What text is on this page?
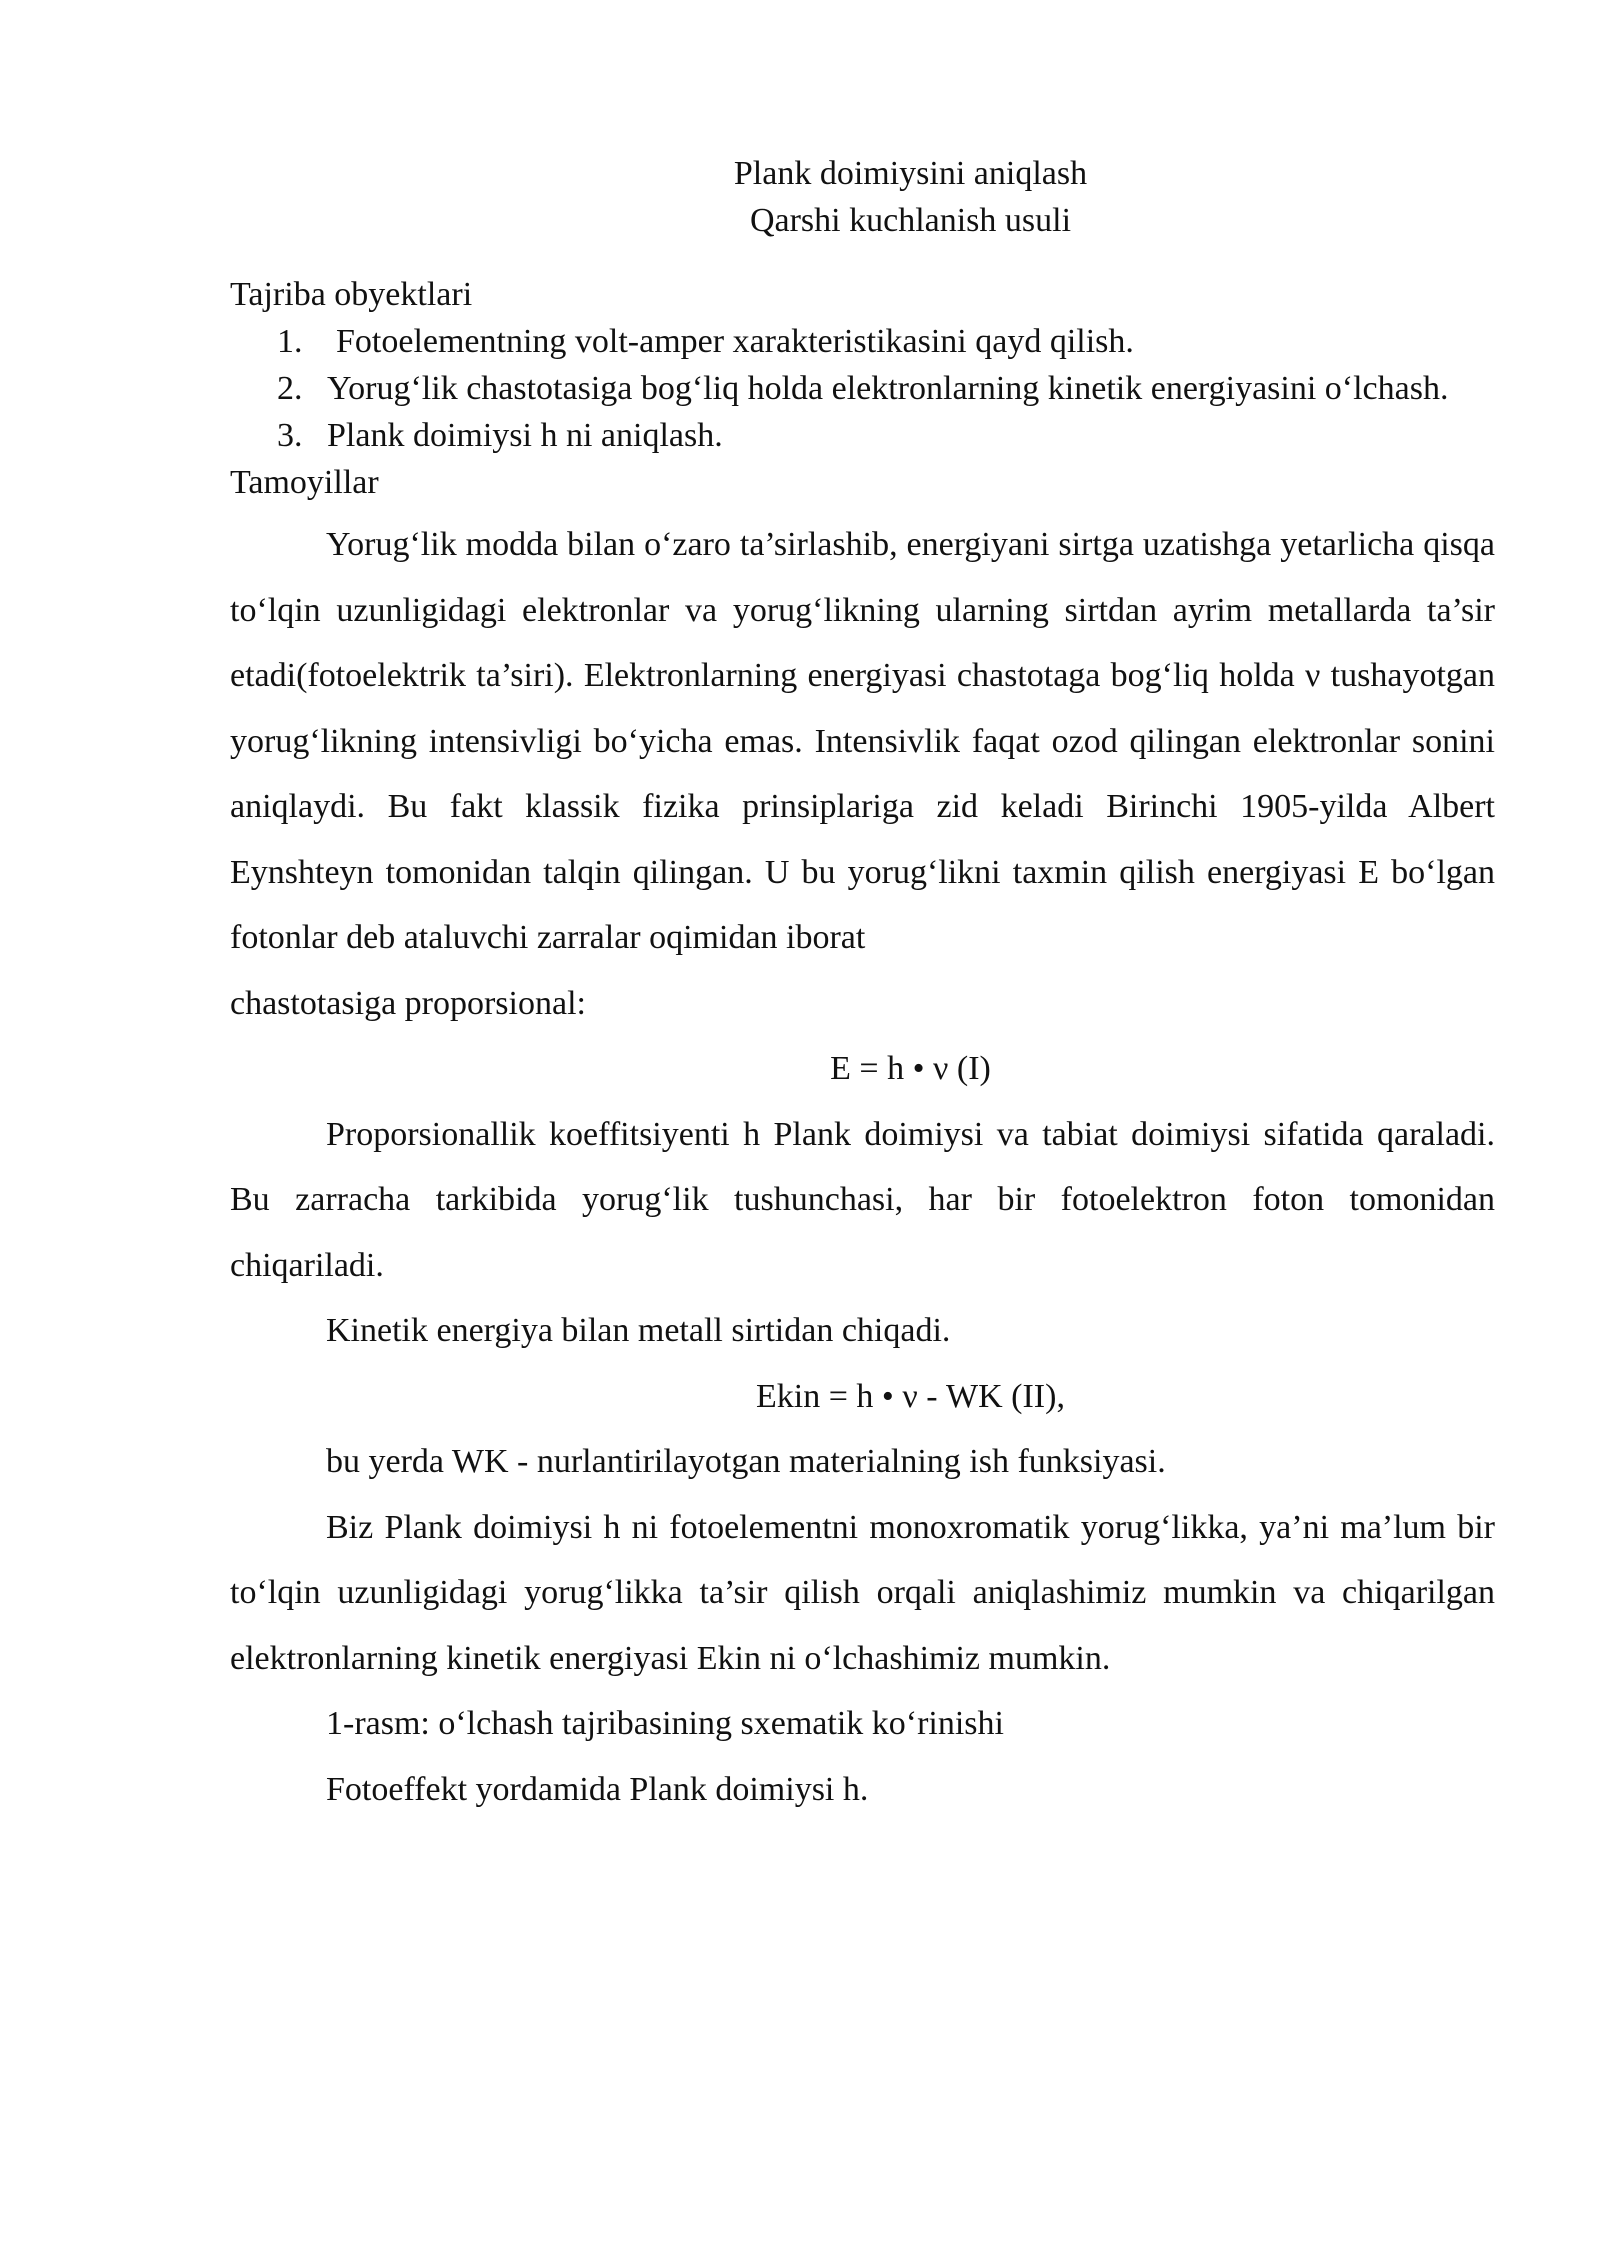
Plank doimiysini aniqlash
Qarshi kuchlanish usuli
Tajriba obyektlari
1. Fotoelementning volt-amper xarakteristikasini qayd qilish.
2. Yorug‘lik chastotasiga bog‘liq holda elektronlarning kinetik energiyasini o‘lchash.
3. Plank doimiysi h ni aniqlash.
Tamoyillar

Yorug‘lik modda bilan o‘zaro ta’sirlashib, energiyani sirtga uzatishga yetarlicha qisqa to‘lqin uzunligidagi elektronlar va yorug‘likning ularning sirtdan ayrim metallarda ta’sir etadi(fotoelektrik ta’siri). Elektronlarning energiyasi chastotaga bog‘liq holda ν tushayotgan yorug‘likning intensivligi bo‘yicha emas. Intensivlik faqat ozod qilingan elektronlar sonini aniqlaydi. Bu fakt klassik fizika prinsiplariga zid keladi Birinchi 1905-yilda Albert Eynshteyn tomonidan talqin qilingan. U bu yorug‘likni taxmin qilish energiyasi E bo‘lgan fotonlar deb ataluvchi zarralar oqimidan iborat

chastotasiga proporsional:

E = h • ν (I)

Proporsionallik koeffitsiyenti h Plank doimiysi va tabiat doimiysi sifatida qaraladi. Bu zarracha tarkibida yorug‘lik tushunchasi, har bir fotoelektron foton tomonidan chiqariladi.

Kinetik energiya bilan metall sirtidan chiqadi.

Ekin = h • ν - WK (II),

bu yerda WK - nurlantirilayotgan materialning ish funksiyasi.

Biz Plank doimiysi h ni fotoelementni monoxromatik yorug‘likka, ya’ni ma’lum bir to‘lqin uzunligidagi yorug‘likka ta’sir qilish orqali aniqlashimiz mumkin va chiqarilgan elektronlarning kinetik energiyasi Ekin ni o‘lchashimiz mumkin.

1-rasm: o‘lchash tajribasining sxematik ko‘rinishi

Fotoeffekt yordamida Plank doimiysi h.
